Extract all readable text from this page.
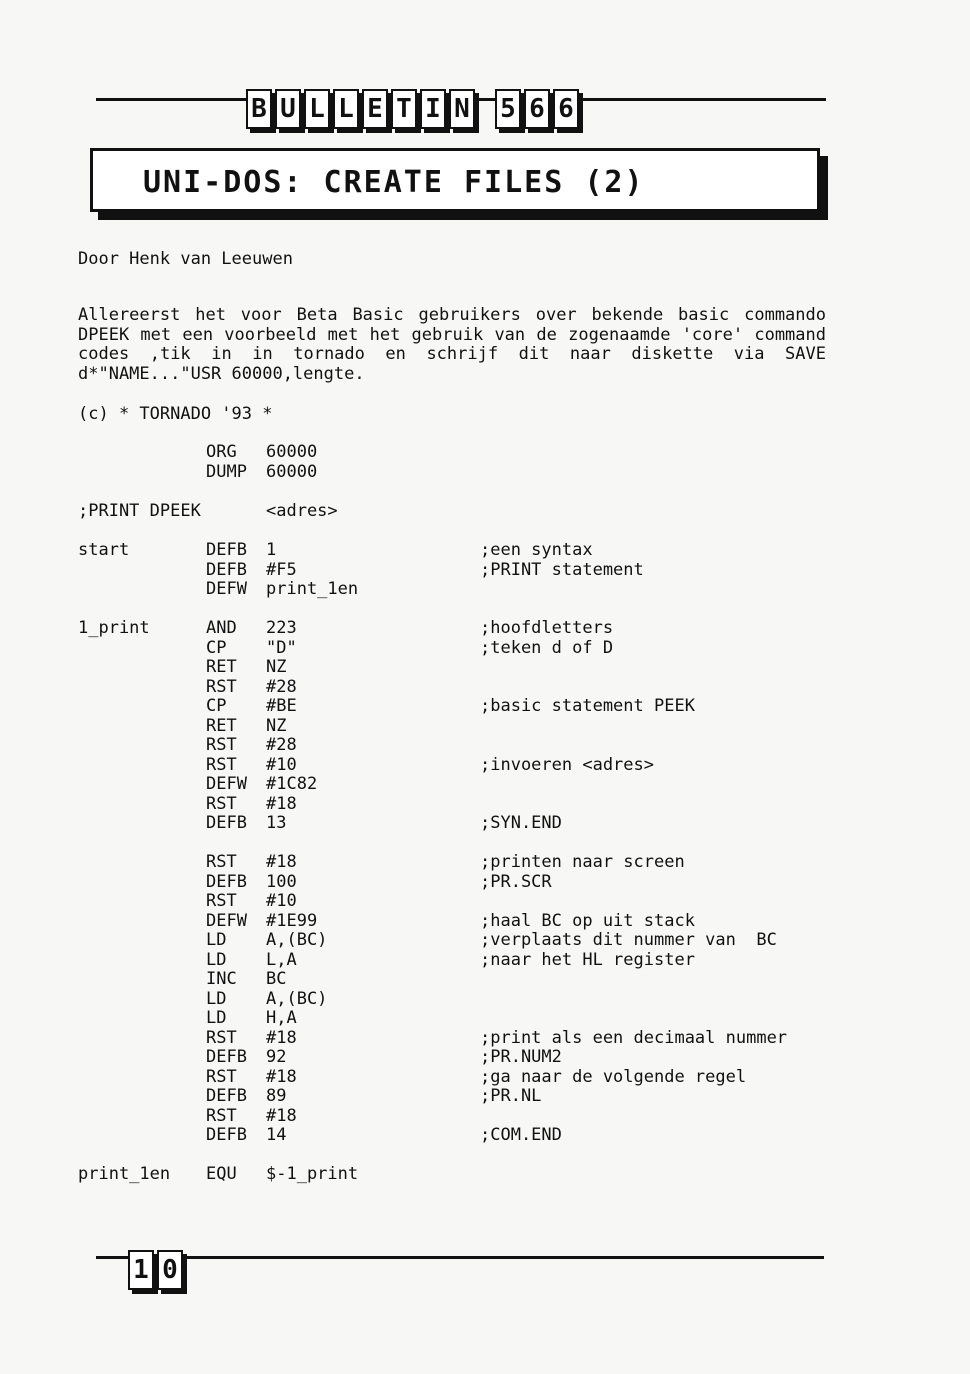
B U L L E T I N 5 6 6
UNI-DOS: CREATE FILES (2)
Door Henk van Leeuwen
Allereerst het voor Beta Basic gebruikers over bekende basic commando DPEEK met een voorbeeld met het gebruik van de zogenaamde 'core' command codes ,tik in in tornado en schrijf dit naar diskette via SAVE d*"NAME..."USR 60000,lengte.
(c) * TORNADO '93 *
ORG 60000
DUMP 60000

;PRINT DPEEK

	<adres>

start	DEFB 1	;een syntax
DEFB #F5	;PRINT statement
DEFW print_1en
1_print	AND 223	;hoofdletters
CP "D"	;teken d of D
RET NZ
RST #28
CP #BE	;basic statement PEEK
RET NZ
RST #28
RST #10	;invoeren <adres>
DEFW #1C82
RST #18
DEFB 13	;SYN.END
RST #18	;printen naar screen
DEFB 100	;PR.SCR
RST #10
DEFW #1E99	;haal BC op uit stack
LD A,(BC)	;verplaats dit nummer van  BC
LD L,A	;naar het HL register
INC BC
LD A,(BC)
LD H,A
RST #18	;print als een decimaal nummer
DEFB 92	;PR.NUM2
RST #18	;ga naar de volgende regel
DEFB 89	;PR.NL
RST #18
DEFB 14	;COM.END
print_1en EQU $-1_print
1 0
